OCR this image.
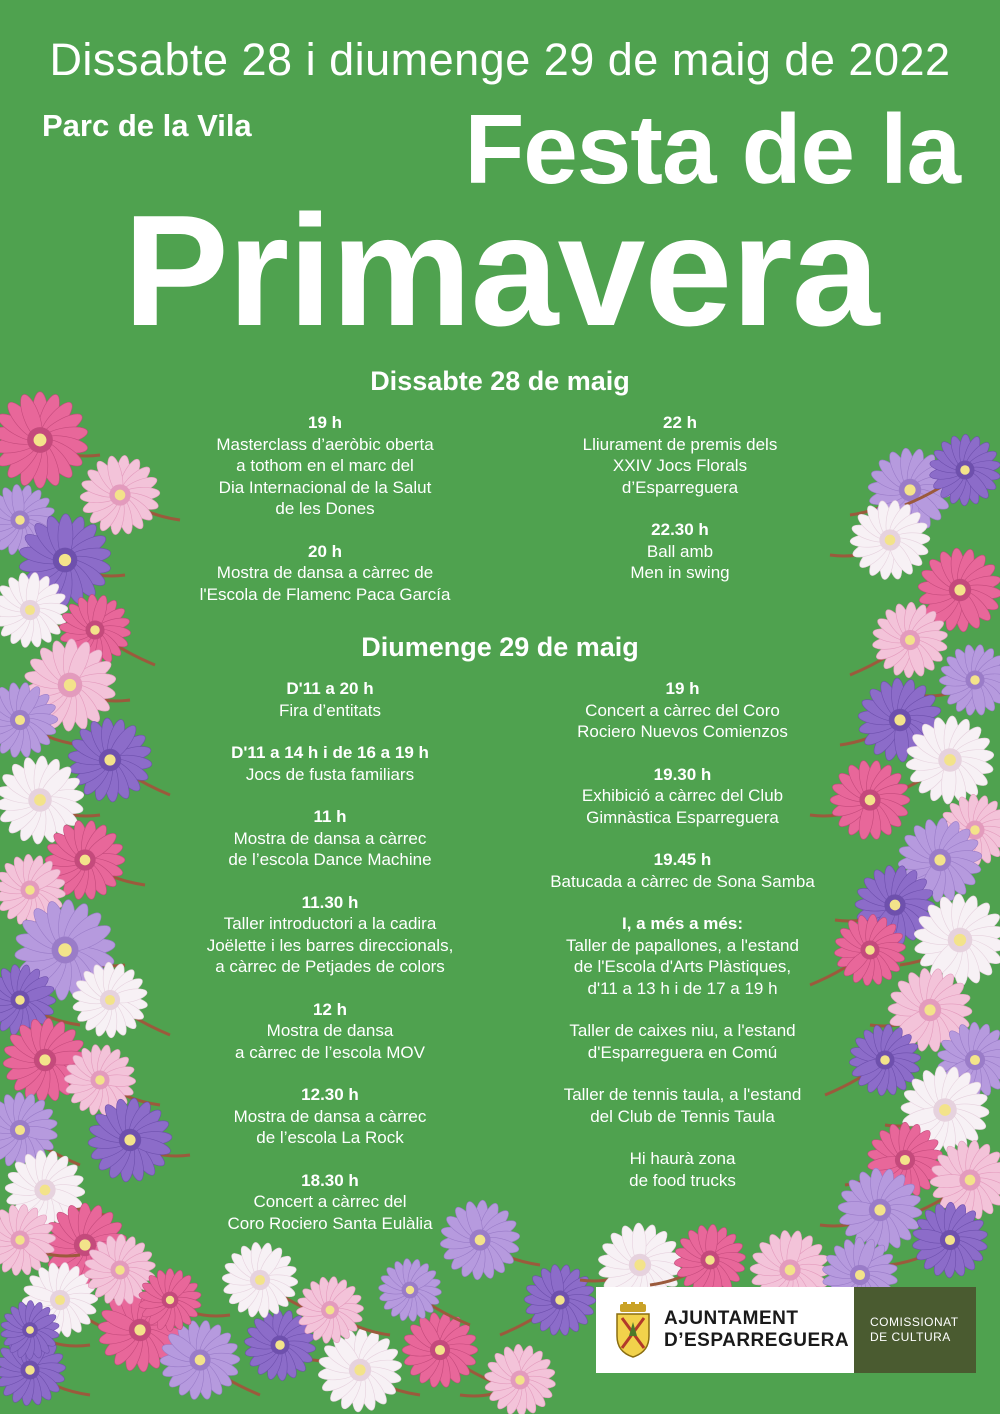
Dissabte 28 i diumenge 29 de maig de 2022
Parc de la Vila Festa de la
Primavera
Dissabte 28 de maig
19 h
Masterclass d’aeròbic oberta
a tothom en el marc del
Dia Internacional de la Salut
de les Dones
20 h
Mostra de dansa a càrrec de
l'Escola de Flamenc Paca García
22 h
Lliurament de premis dels
XXIV Jocs Florals
d’Esparreguera
22.30 h
Ball amb
Men in swing
Diumenge 29 de maig
D'11 a 20 h
Fira d’entitats
D'11 a 14 h i de 16 a 19 h
Jocs de fusta familiars
11 h
Mostra de dansa a càrrec
de l’escola Dance Machine
11.30 h
Taller introductori a la cadira
Joëlette i les barres direccionals,
a càrrec de Petjades de colors
12 h
Mostra de dansa
a càrrec de l’escola MOV
12.30 h
Mostra de dansa a càrrec
de l’escola La Rock
18.30 h
Concert a càrrec del
Coro Rociero Santa Eulàlia
19 h
Concert a càrrec del Coro
Rociero Nuevos Comienzos
19.30 h
Exhibició a càrrec del Club
Gimnàstica Esparreguera
19.45 h
Batucada a càrrec de Sona Samba
I, a més a més:
Taller de papallones, a l'estand
de l'Escola d'Arts Plàstiques,
d'11 a 13 h i de 17 a 19 h
Taller de caixes niu, a l'estand
d'Esparreguera en Comú
Taller de tennis taula, a l'estand
del Club de Tennis Taula
Hi haurà zona
de food trucks
AJUNTAMENT
D’ESPARREGUERA
COMISSIONAT
DE CULTURA
